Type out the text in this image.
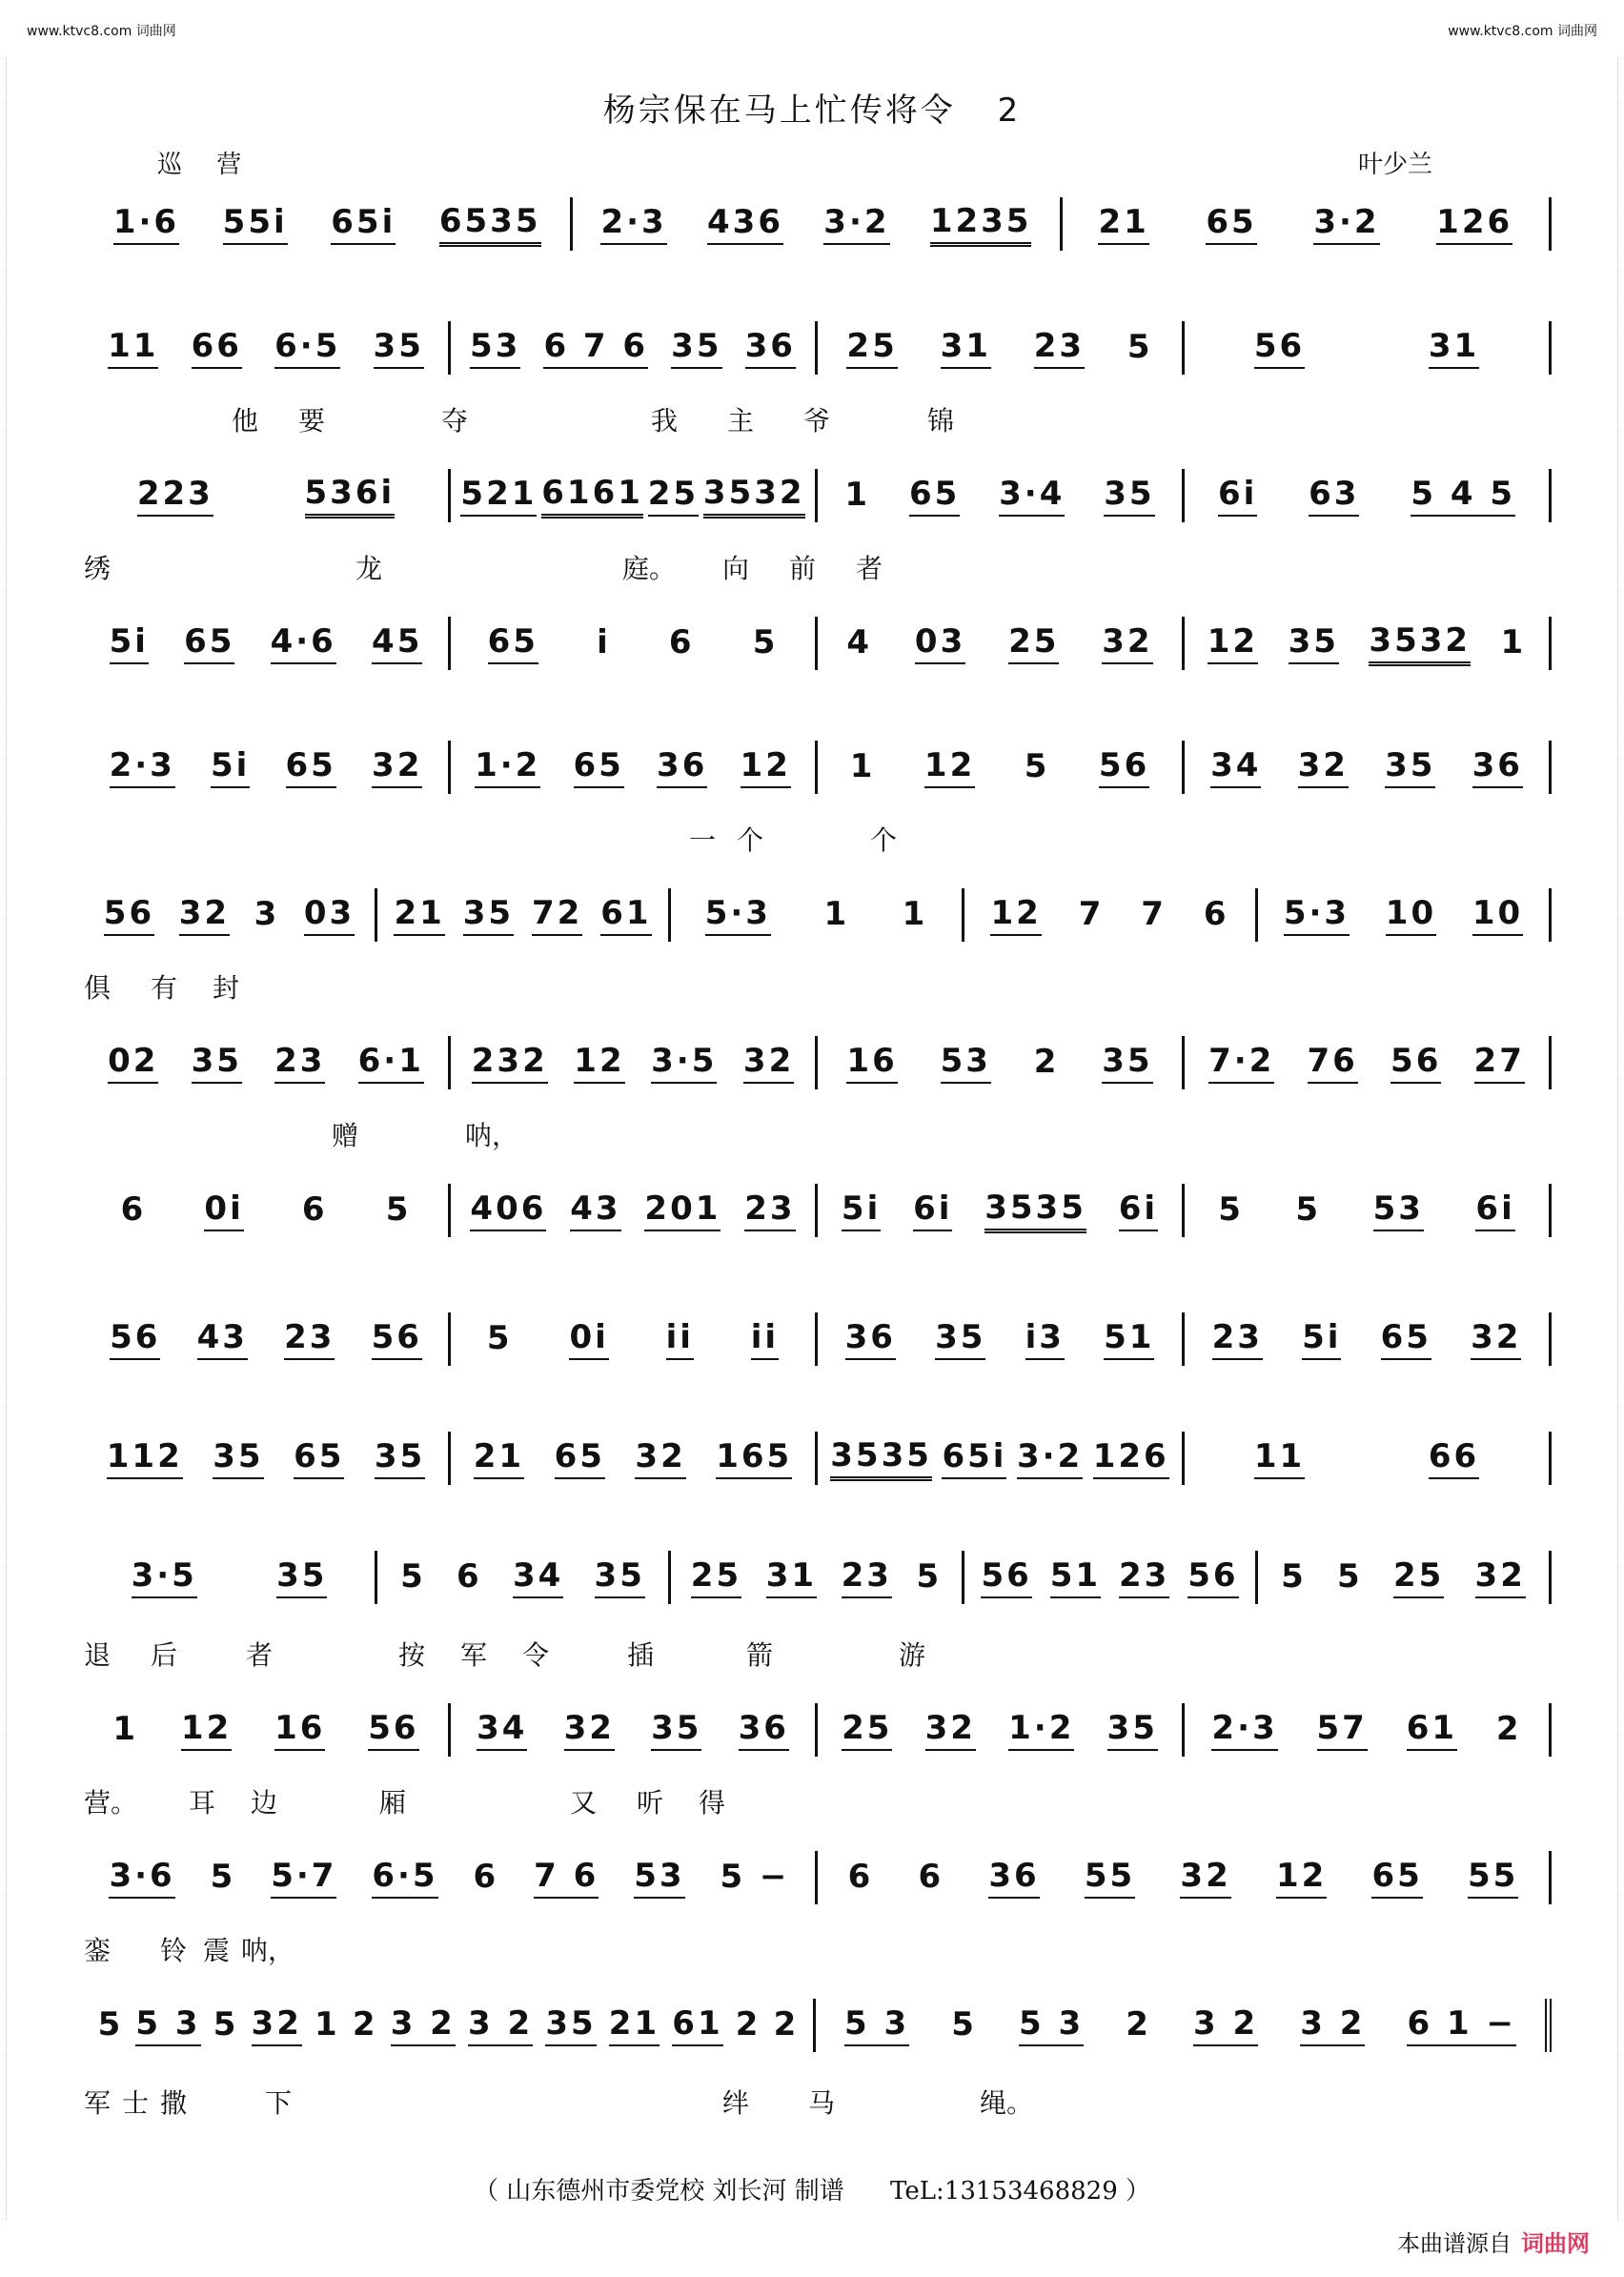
www.ktvc8.com 词曲网	www.ktvc8.com 词曲网
杨宗保在马上忙传将令 2
巡 营	叶少兰
1·6 55i 65i 6535 2·3 436 3·2 1235 21 65 3·2 126
11 66 6·5 35 53 6 7 6 35 36 25 31 23 5	56	31
他 要	夺	我 主 爷	锦
223	536i 521 6161 25 3532 1 65 3·4 35 6i 63 5 4 5
绣	龙	庭。 向 前 者
5i 65 4·6 45 65 i 6 5 4 03 25 32 12 35 3532 1
2·3 5i 65 32 1·2 65 36 12 1 12 5 56 34 32 35 36
一 个	个
56 32 3 03 21 35 72 61 5·3 1 1 12 7 7 6 5·3 10 10
俱 有 封
02 35 23 6·1 232 12 3·5 32 16 53 2 35 7·2 76 56 27
赠	呐，
6 0i 6 5 406 43 201 23 5i 6i 3535 6i 5 5 53 6i
56 43 23 56 5 0i ii ii 36 35 i3 51 23 5i 65 32
112 35 65 35 21 65 32 165 3535 65i 3·2 126	11	66
3·5 35 5 6 34 35 25 31 23 5 56 51 23 56 5 5 25 32
退 后	者	按 军 令	插	箭	游
1 12 16 56 34 32 35 36 25 32 1·2 35 2·3 57 61 2
营。 耳 边	厢	又 听 得
3·6 5 5·7 6·5 6 7 6 53 5 − 6 6 36 55 32 12 65 55
銮 铃 震 呐，
5 5 3 5 32 1 2 3 2 3 2 35 21 61 2 2 5 3 5 5 3 2 3 2 3 2 6 1 −
军 士 撒	下	绊 马	绳。
（ 山东德州市委党校 刘长河 制谱 TeL:13153468829 ）
本曲谱源自 词曲网
